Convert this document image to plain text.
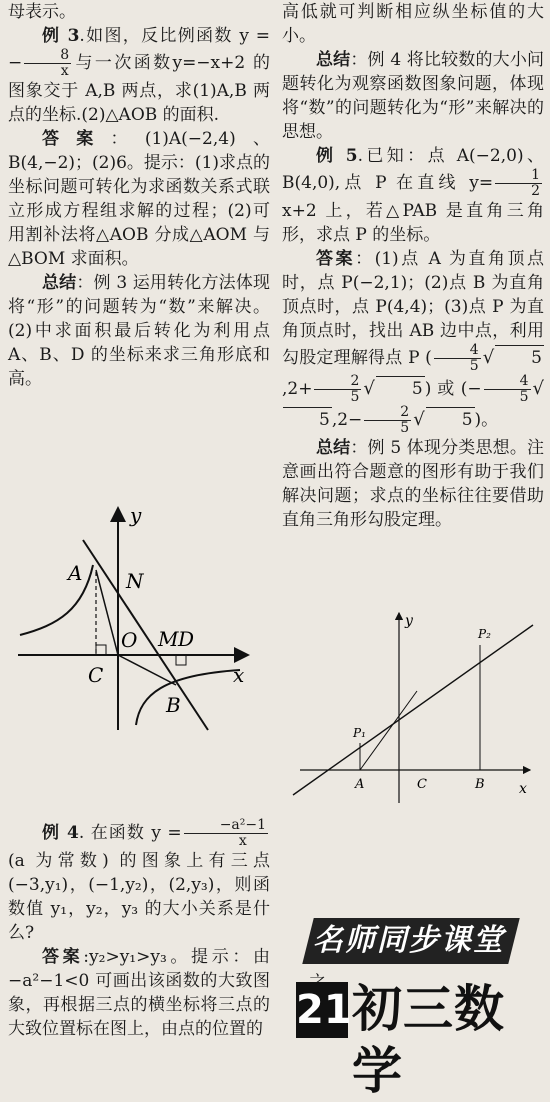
母表示。

例 3.如图，反比例函数 y = − $\frac{8}{x}$ 与一次函数y=−x+2 的图象交于 A,B 两点，求(1)A,B 两点的坐标.(2)△AOB 的面积.

答案：(1)A(−2,4)、B(4,−2)；(2)6。提示：(1)求点的坐标问题可转化为求函数关系式联立形成方程组求解的过程；(2)可用割补法将△AOB 分成△AOM 与△BOM 求面积。

总结：例 3 运用转化方法体现将“形”的问题转为“数”来解决。(2)中求面积最后转化为利用点 A、B、D 的坐标来求三角形底和高。

y
x
A N
O M D
C
B

例 4. 在函数 $y = \frac{\text{−a²−1}}{x}$
(a 为常数) 的图象上有三点(−3,y₁)，(−1,y₂)，(2,y₃)，则函数值 y₁，y₂，y₃ 的大小关系是什么?

答案:y₂>y₁>y₃。提示：由−a²−1<0 可画出该函数的大致图象，再根据三点的横坐标将三点的大致位置标在图上，由点的位置的

高低就可判断相应纵坐标值的大小。

总结：例 4 将比较数的大小问题转化为观察函数图象问题，体现将“数”的问题转化为“形”来解决的思想。

例 5.已知：点 A(−2,0)、B(4,0),点 P 在直线 $y= \frac{1}{2}$
x+2 上，若△PAB 是直角三角形，求点 P 的坐标。

答案：(1)点 A 为直角顶点时，点 P(−2,1)；(2)点 B 为直角顶点时，点 P(4,4)；(3)点 P 为直角顶点时，找出 AB 边中点，利用勾股定理解得点 P ( $\frac{4}{5}$ √ $5,2+ \frac{2}{5}$ √ 5 ) 或 (− $\frac{4}{5} √5$ $,2- \frac{2}{5}$ √ 5 )。

总结：例 5 体现分类思想。注意画出符合题意的图形有助于我们解决问题；求点的坐标往往要借助直角三角形勾股定理。

y
x
P₁
P₂
A	C	B
名师同步课堂
21 初三数学
